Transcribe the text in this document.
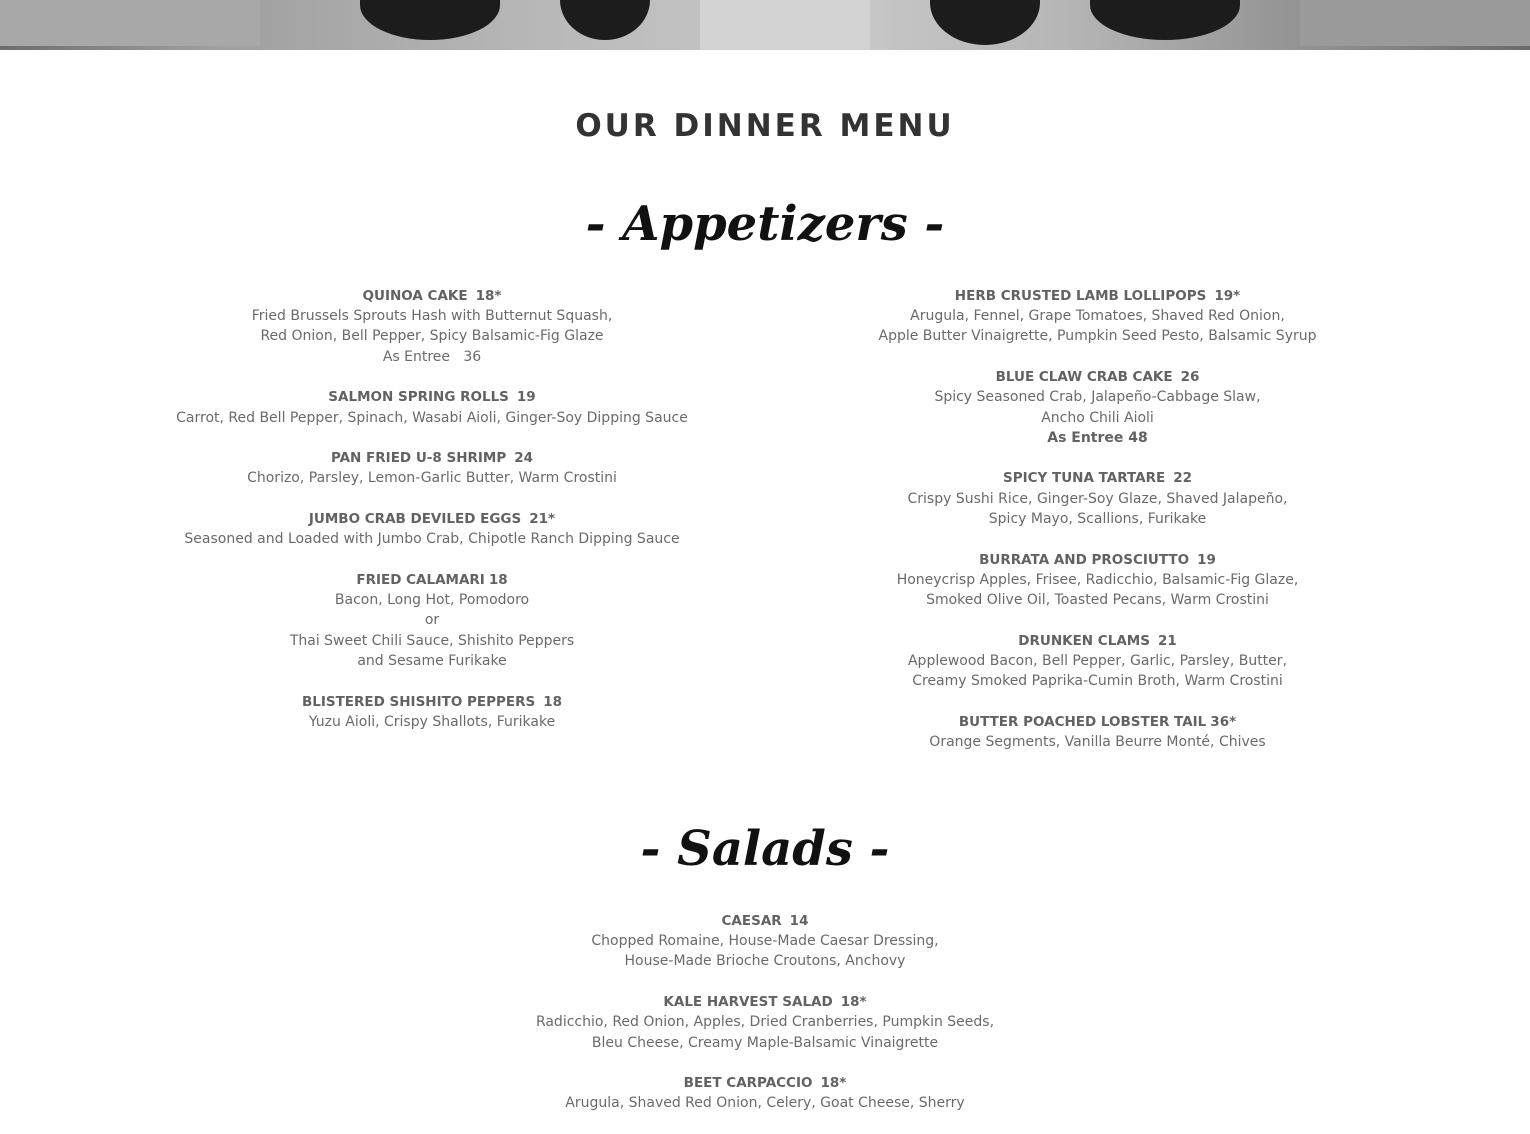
OUR DINNER MENU
- Appetizers -
QUINOA CAKE 18*
Fried Brussels Sprouts Hash with Butternut Squash,
Red Onion, Bell Pepper, Spicy Balsamic-Fig Glaze
As Entree   36
SALMON SPRING ROLLS 19
Carrot, Red Bell Pepper, Spinach, Wasabi Aioli, Ginger-Soy Dipping Sauce
PAN FRIED U-8 SHRIMP 24
Chorizo, Parsley, Lemon-Garlic Butter, Warm Crostini
JUMBO CRAB DEVILED EGGS 21*
Seasoned and Loaded with Jumbo Crab, Chipotle Ranch Dipping Sauce
FRIED CALAMARI 18
Bacon, Long Hot, Pomodoro
or
Thai Sweet Chili Sauce, Shishito Peppers
and Sesame Furikake
BLISTERED SHISHITO PEPPERS 18
Yuzu Aioli, Crispy Shallots, Furikake
HERB CRUSTED LAMB LOLLIPOPS 19*
Arugula, Fennel, Grape Tomatoes, Shaved Red Onion,
Apple Butter Vinaigrette, Pumpkin Seed Pesto, Balsamic Syrup
BLUE CLAW CRAB CAKE 26
Spicy Seasoned Crab, Jalapeño-Cabbage Slaw,
Ancho Chili Aioli
As Entree 48
SPICY TUNA TARTARE 22
Crispy Sushi Rice, Ginger-Soy Glaze, Shaved Jalapeño,
Spicy Mayo, Scallions, Furikake
BURRATA AND PROSCIUTTO 19
Honeycrisp Apples, Frisee, Radicchio, Balsamic-Fig Glaze,
Smoked Olive Oil, Toasted Pecans, Warm Crostini
DRUNKEN CLAMS 21
Applewood Bacon, Bell Pepper, Garlic, Parsley, Butter,
Creamy Smoked Paprika-Cumin Broth, Warm Crostini
BUTTER POACHED LOBSTER TAIL 36*
Orange Segments, Vanilla Beurre Monté, Chives
- Salads -
CAESAR 14
Chopped Romaine, House-Made Caesar Dressing,
House-Made Brioche Croutons, Anchovy
KALE HARVEST SALAD 18*
Radicchio, Red Onion, Apples, Dried Cranberries, Pumpkin Seeds,
Bleu Cheese, Creamy Maple-Balsamic Vinaigrette
BEET CARPACCIO 18*
Arugula, Shaved Red Onion, Celery, Goat Cheese, Sherry
